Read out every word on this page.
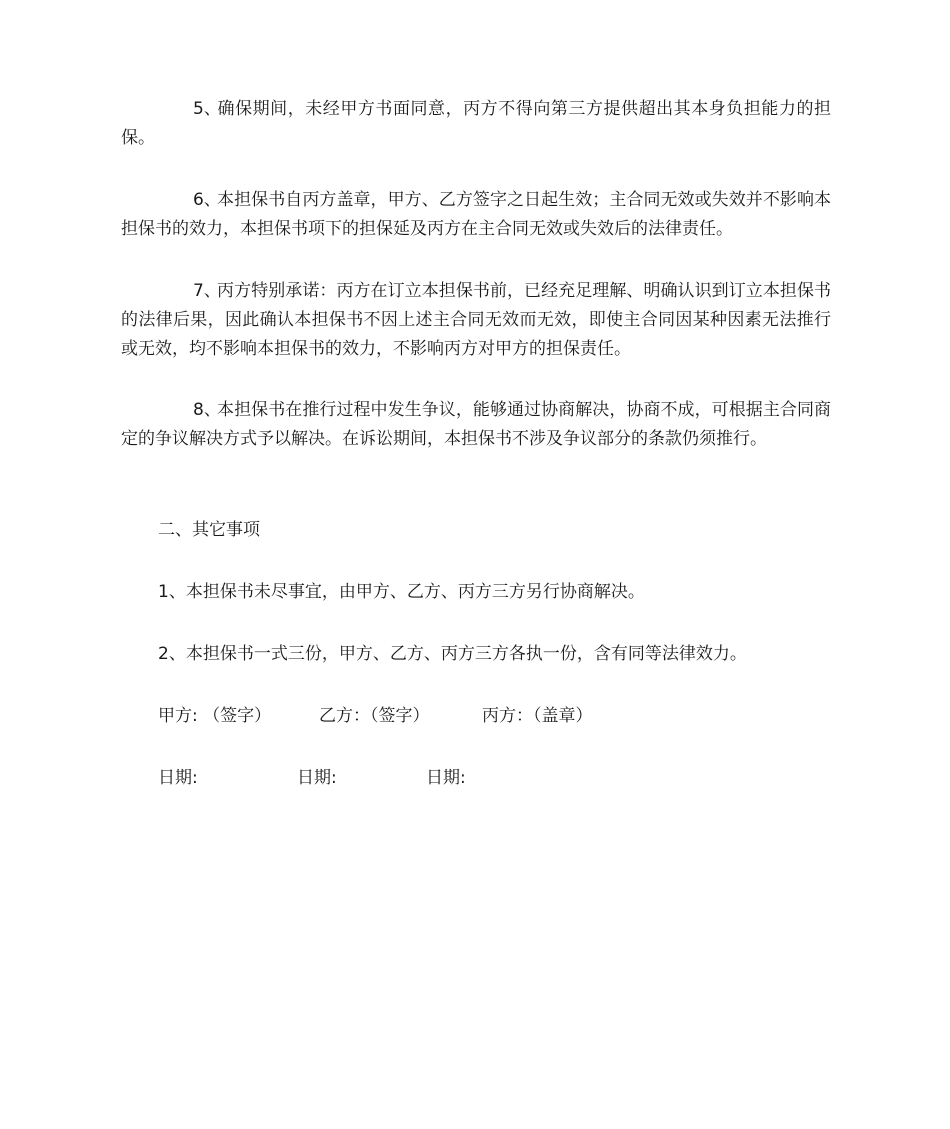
5、确保期间，未经甲方书面同意，丙方不得向第三方提供超出其本身负担能力的担保。

6、本担保书自丙方盖章，甲方、乙方签字之日起生效；主合同无效或失效并不影响本担保书的效力，本担保书项下的担保延及丙方在主合同无效或失效后的法律责任。

7、丙方特别承诺：丙方在订立本担保书前，已经充足理解、明确认识到订立本担保书的法律后果，因此确认本担保书不因上述主合同无效而无效，即使主合同因某种因素无法推行或无效，均不影响本担保书的效力，不影响丙方对甲方的担保责任。

8、本担保书在推行过程中发生争议，能够通过协商解决，协商不成，可根据主合同商定的争议解决方式予以解决。在诉讼期间，本担保书不涉及争议部分的条款仍须推行。

二、其它事项

1、本担保书未尽事宜，由甲方、乙方、丙方三方另行协商解决。

2、本担保书一式三份，甲方、乙方、丙方三方各执一份，含有同等法律效力。

甲方: （签字）	乙方：（签字）	丙方：（盖章）

日期:	日期:	日期:
